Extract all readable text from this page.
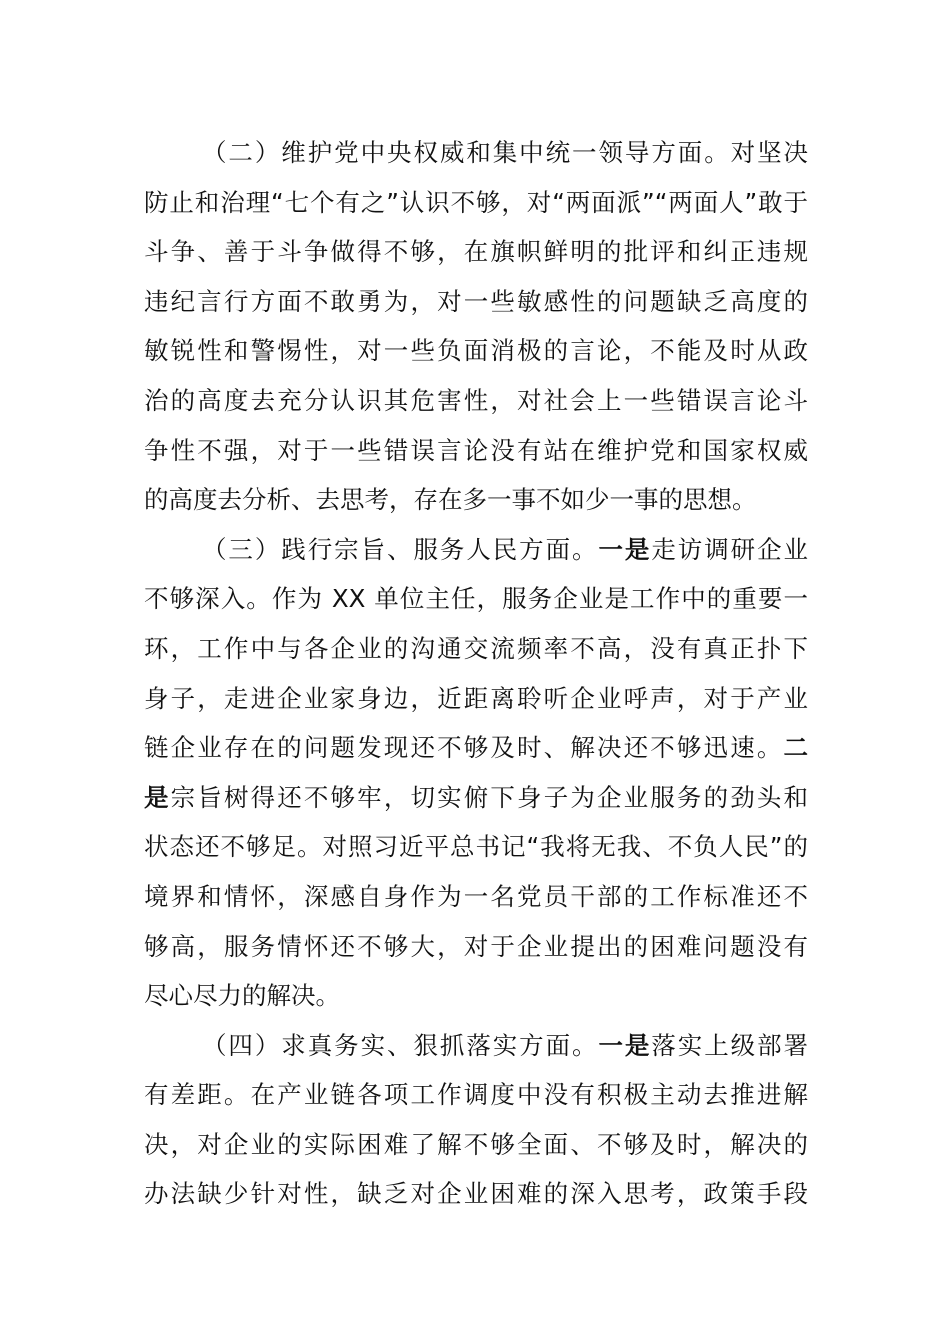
（二）维护党中央权威和集中统一领导方面。对坚决
防止和治理“七个有之”认识不够，对“两面派”“两面人”敢于
斗争、善于斗争做得不够，在旗帜鲜明的批评和纠正违规
违纪言行方面不敢勇为，对一些敏感性的问题缺乏高度的
敏锐性和警惕性，对一些负面消极的言论，不能及时从政
治的高度去充分认识其危害性，对社会上一些错误言论斗
争性不强，对于一些错误言论没有站在维护党和国家权威
的高度去分析、去思考，存在多一事不如少一事的思想。
（三）践行宗旨、服务人民方面。一是走访调研企业
不够深入。作为 XX 单位主任，服务企业是工作中的重要一
环，工作中与各企业的沟通交流频率不高，没有真正扑下
身子，走进企业家身边，近距离聆听企业呼声，对于产业
链企业存在的问题发现还不够及时、解决还不够迅速。二
是宗旨树得还不够牢，切实俯下身子为企业服务的劲头和
状态还不够足。对照习近平总书记“我将无我、不负人民”的
境界和情怀，深感自身作为一名党员干部的工作标准还不
够高，服务情怀还不够大，对于企业提出的困难问题没有
尽心尽力的解决。
（四）求真务实、狠抓落实方面。一是落实上级部署
有差距。在产业链各项工作调度中没有积极主动去推进解
决，对企业的实际困难了解不够全面、不够及时，解决的
办法缺少针对性，缺乏对企业困难的深入思考，政策手段
